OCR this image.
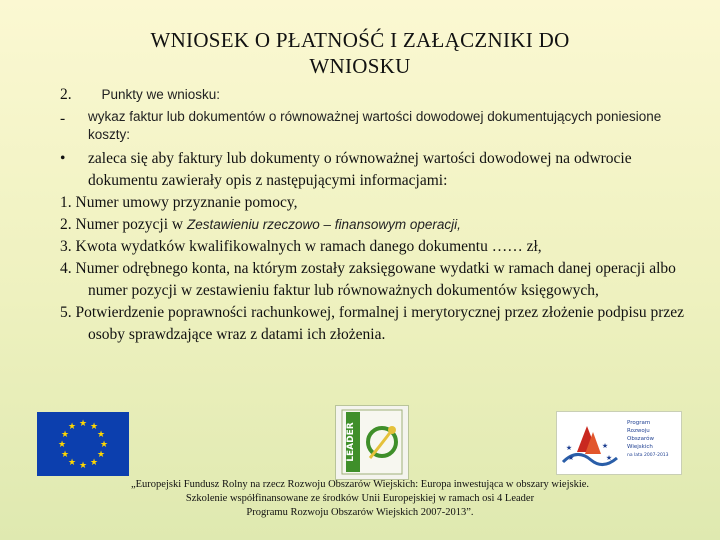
WNIOSEK O PŁATNOŚĆ I ZAŁĄCZNIKI DO
WNIOSKU
2. Punkty we wniosku:
-	wykaz faktur lub dokumentów o równoważnej wartości dowodowej dokumentujących poniesione koszty:
•	zaleca się aby faktury lub dokumenty o równoważnej wartości dowodowej na odwrocie dokumentu zawierały opis z następującymi informacjami:
1. Numer umowy przyznanie pomocy,
2. Numer pozycji w Zestawieniu rzeczowo – finansowym operacji,
3. Kwota wydatków kwalifikowalnych w ramach danego dokumentu …… zł,
4. Numer odrębnego konta, na którym zostały zaksięgowane wydatki w ramach danej operacji albo numer pozycji w zestawieniu faktur lub równoważnych dokumentów księgowych,
5. Potwierdzenie poprawności rachunkowej, formalnej i merytorycznej przez złożenie podpisu przez osoby sprawdzające wraz z datami ich złożenia.
★ ★
★
★
★
★
★
★
★
★
★
★	LEADER	★	★
★	★
Program
Rozwoju
Obszarów
Wiejskich
na lata 2007-2013
„Europejski Fundusz Rolny na rzecz Rozwoju Obszarów Wiejskich: Europa inwestująca w obszary wiejskie.
Szkolenie współfinansowane ze środków Unii Europejskiej w ramach osi 4 Leader
Programu Rozwoju Obszarów Wiejskich 2007-2013”.
